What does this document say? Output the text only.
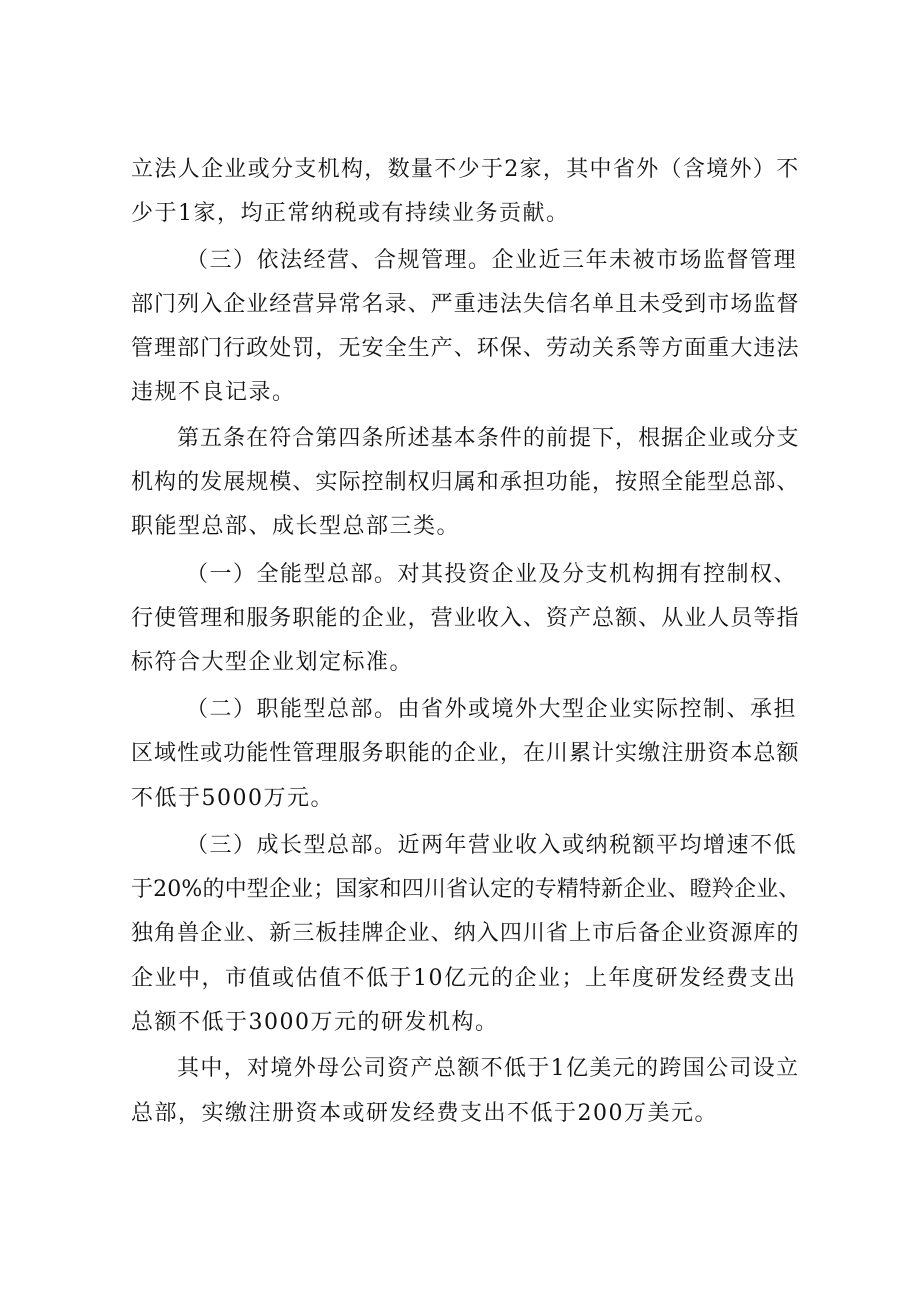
立法人企业或分支机构，数量不少于2家，其中省外（含境外）不
少于1家，均正常纳税或有持续业务贡献。
（三）依法经营、合规管理。企业近三年未被市场监督管理
部门列入企业经营异常名录、严重违法失信名单且未受到市场监督
管理部门行政处罚，无安全生产、环保、劳动关系等方面重大违法
违规不良记录。
第五条在符合第四条所述基本条件的前提下，根据企业或分支
机构的发展规模、实际控制权归属和承担功能，按照全能型总部、
职能型总部、成长型总部三类。
（一）全能型总部。对其投资企业及分支机构拥有控制权、
行使管理和服务职能的企业，营业收入、资产总额、从业人员等指
标符合大型企业划定标准。
（二）职能型总部。由省外或境外大型企业实际控制、承担
区域性或功能性管理服务职能的企业，在川累计实缴注册资本总额
不低于5000万元。
（三）成长型总部。近两年营业收入或纳税额平均增速不低
于20%的中型企业；国家和四川省认定的专精特新企业、瞪羚企业、
独角兽企业、新三板挂牌企业、纳入四川省上市后备企业资源库的
企业中，市值或估值不低于10亿元的企业；上年度研发经费支出
总额不低于3000万元的研发机构。
其中，对境外母公司资产总额不低于1亿美元的跨国公司设立
总部，实缴注册资本或研发经费支出不低于200万美元。
